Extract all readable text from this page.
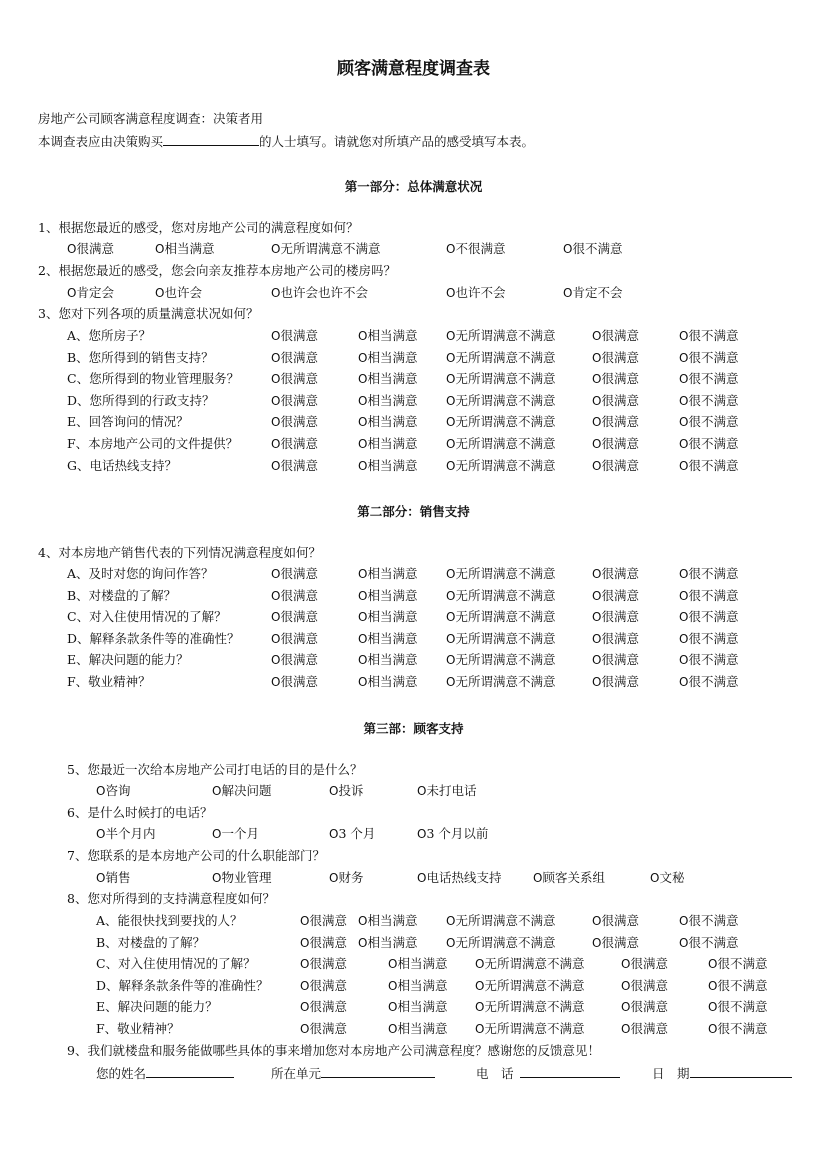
顾客满意程度调查表
房地产公司顾客满意程度调查：决策者用
本调查表应由决策购买	的人士填写。请就您对所填产品的感受填写本表。
第一部分：总体满意状况
1、根据您最近的感受，您对房地产公司的满意程度如何？
O很满意	O相当满意	O无所谓满意不满意	O不很满意	O很不满意
2、根据您最近的感受，您会向亲友推荐本房地产公司的楼房吗？
O肯定会	O也许会	O也许会也许不会	O也许不会	O肯定不会
3、您对下列各项的质量满意状况如何？
A、您所房子？	O很满意	O相当满意 O无所谓满意不满意	O很满意	O很不满意
B、您所得到的销售支持？	O很满意	O相当满意 O无所谓满意不满意	O很满意	O很不满意
C、您所得到的物业管理服务？	O很满意	O相当满意 O无所谓满意不满意	O很满意	O很不满意
D、您所得到的行政支持？	O很满意	O相当满意 O无所谓满意不满意	O很满意	O很不满意
E、回答询问的情况？	O很满意	O相当满意 O无所谓满意不满意	O很满意	O很不满意
F、本房地产公司的文件提供？	O很满意	O相当满意 O无所谓满意不满意	O很满意	O很不满意
G、电话热线支持？	O很满意	O相当满意 O无所谓满意不满意	O很满意	O很不满意
第二部分：销售支持
4、对本房地产销售代表的下列情况满意程度如何？
A、及时对您的询问作答？	O很满意	O相当满意 O无所谓满意不满意	O很满意	O很不满意
B、对楼盘的了解？	O很满意	O相当满意 O无所谓满意不满意	O很满意	O很不满意
C、对入住使用情况的了解？	O很满意	O相当满意 O无所谓满意不满意	O很满意	O很不满意
D、解释条款条件等的准确性？	O很满意	O相当满意 O无所谓满意不满意	O很满意	O很不满意
E、解决问题的能力？	O很满意	O相当满意 O无所谓满意不满意	O很满意	O很不满意
F、敬业精神？	O很满意	O相当满意 O无所谓满意不满意	O很满意	O很不满意
第三部：顾客支持
5、您最近一次给本房地产公司打电话的目的是什么？
O咨询	O解决问题	O投诉	O未打电话
6、是什么时候打的电话？
O半个月内	O一个月	O3 个月	O3 个月以前
7、您联系的是本房地产公司的什么职能部门？
O销售	O物业管理	O财务	O电话热线支持	O顾客关系组	O文秘
8、您对所得到的支持满意程度如何？
A、能很快找到要找的人？	O很满意 O相当满意 O无所谓满意不满意	O很满意	O很不满意
B、对楼盘的了解？	O很满意 O相当满意 O无所谓满意不满意	O很满意	O很不满意
C、对入住使用情况的了解？	O很满意	O相当满意 O无所谓满意不满意	O很满意	O很不满意
D、解释条款条件等的准确性？	O很满意	O相当满意 O无所谓满意不满意	O很满意	O很不满意
E、解决问题的能力？	O很满意	O相当满意 O无所谓满意不满意	O很满意	O很不满意
F、敬业精神？	O很满意	O相当满意 O无所谓满意不满意	O很满意	O很不满意
9、我们就楼盘和服务能做哪些具体的事来增加您对本房地产公司满意程度？感谢您的反馈意见！
您的姓名	所在单元	电　话	日　期
